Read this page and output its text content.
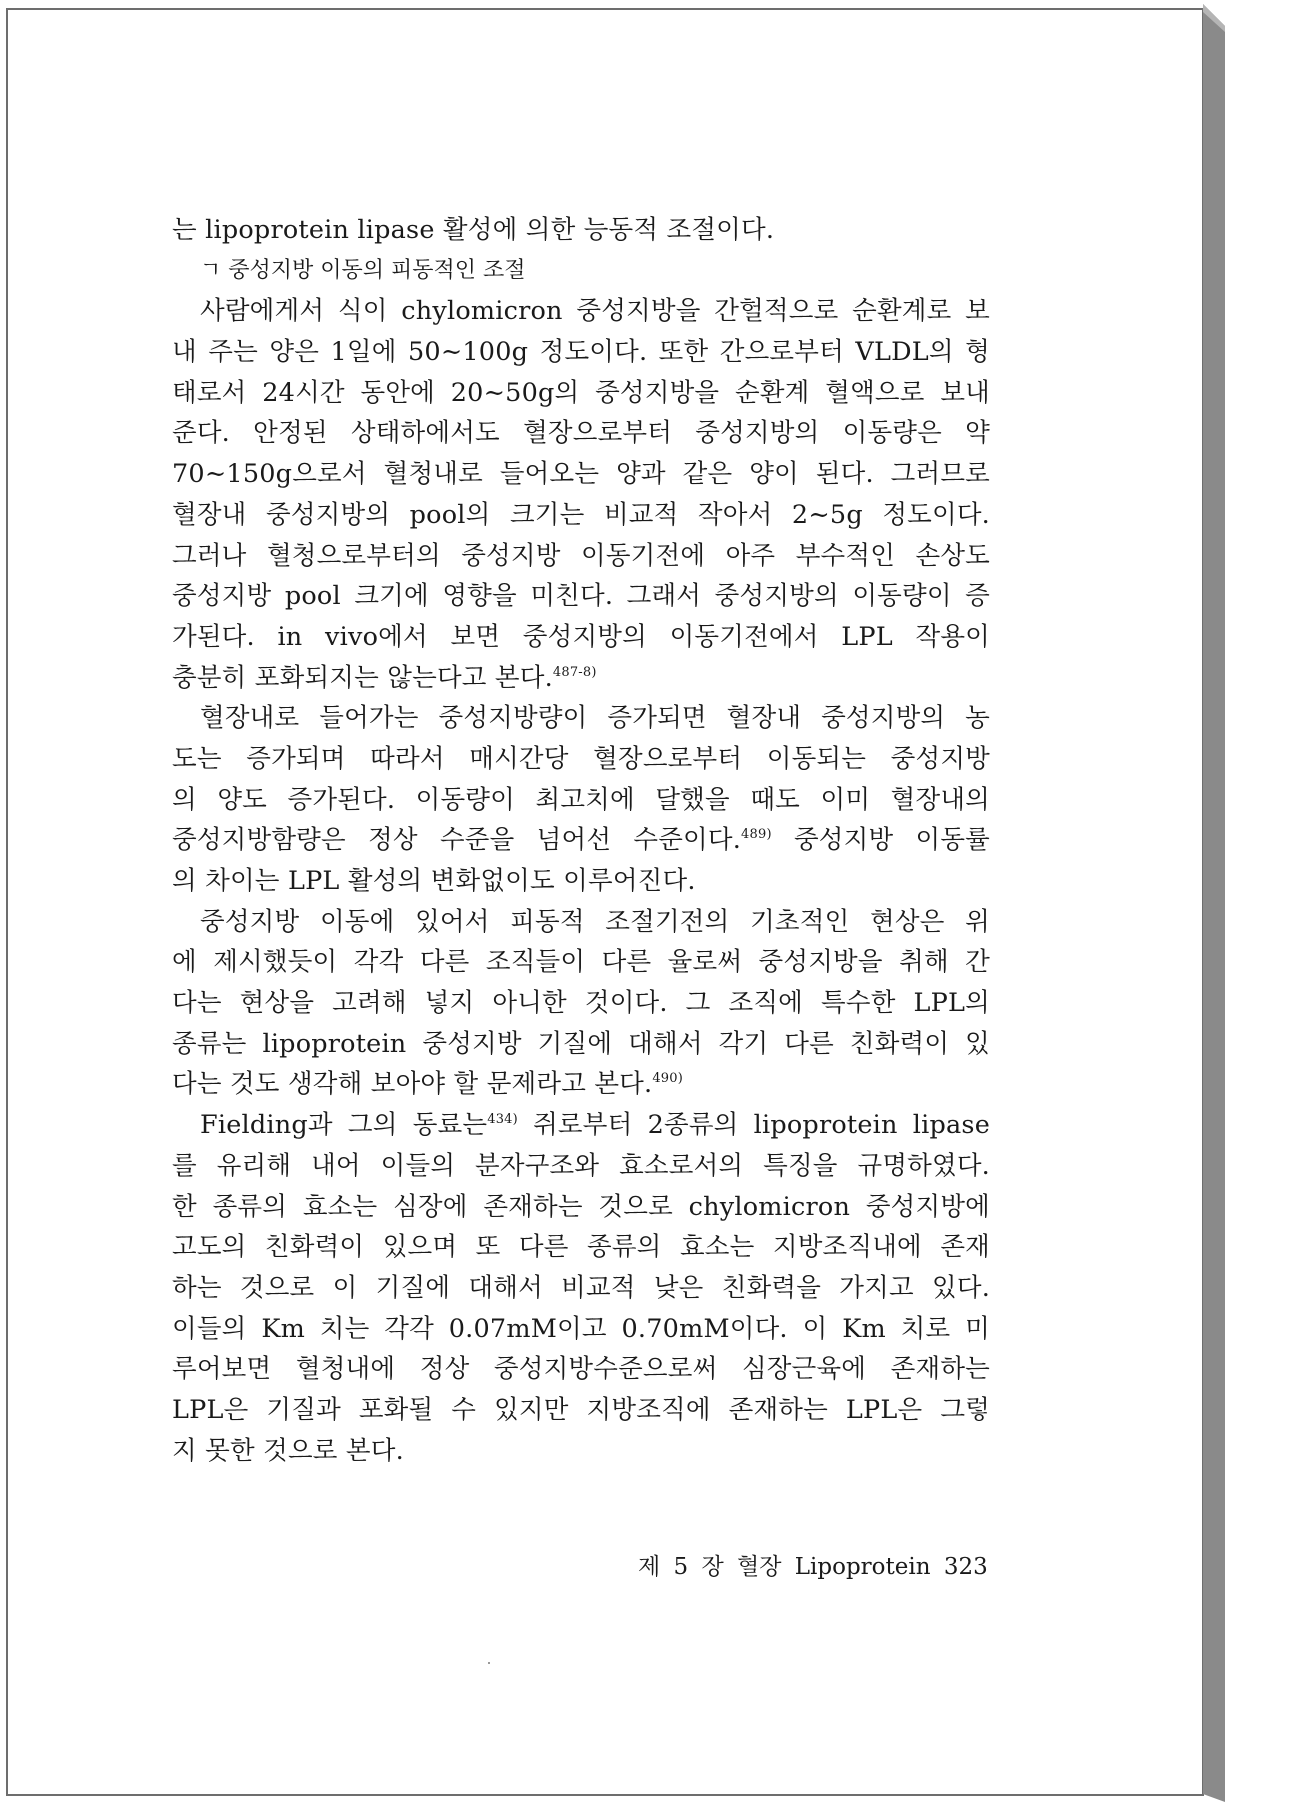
는 lipoprotein lipase 활성에 의한 능동적 조절이다.
ㄱ 중성지방 이동의 피동적인 조절
사람에게서 식이 chylomicron 중성지방을 간헐적으로 순환계로 보
내 주는 양은 1일에 50∼100g 정도이다. 또한 간으로부터 VLDL의 형
태로서 24시간 동안에 20∼50g의 중성지방을 순환계 혈액으로 보내
준다. 안정된 상태하에서도 혈장으로부터 중성지방의 이동량은 약
70∼150g으로서 혈청내로 들어오는 양과 같은 양이 된다. 그러므로
혈장내 중성지방의 pool의 크기는 비교적 작아서 2∼5g 정도이다.
그러나 혈청으로부터의 중성지방 이동기전에 아주 부수적인 손상도
중성지방 pool 크기에 영향을 미친다. 그래서 중성지방의 이동량이 증
가된다. in vivo에서 보면 중성지방의 이동기전에서 LPL 작용이
충분히 포화되지는 않는다고 본다.$^{487-8)}$
혈장내로 들어가는 중성지방량이 증가되면 혈장내 중성지방의 농
도는 증가되며 따라서 매시간당 혈장으로부터 이동되는 중성지방
의 양도 증가된다. 이동량이 최고치에 달했을 때도 이미 혈장내의
중성지방함량은 정상 수준을 넘어선 수준이다.$^{489)}$ 중성지방 이동률
의 차이는 LPL 활성의 변화없이도 이루어진다.
중성지방 이동에 있어서 피동적 조절기전의 기초적인 현상은 위
에 제시했듯이 각각 다른 조직들이 다른 율로써 중성지방을 취해 간
다는 현상을 고려해 넣지 아니한 것이다. 그 조직에 특수한 LPL의
종류는 lipoprotein 중성지방 기질에 대해서 각기 다른 친화력이 있
다는 것도 생각해 보아야 할 문제라고 본다.$^{490)}$
Fielding과 그의 동료는$^{434)}$ 쥐로부터 2종류의 lipoprotein lipase
를 유리해 내어 이들의 분자구조와 효소로서의 특징을 규명하였다.
한 종류의 효소는 심장에 존재하는 것으로 chylomicron 중성지방에
고도의 친화력이 있으며 또 다른 종류의 효소는 지방조직내에 존재
하는 것으로 이 기질에 대해서 비교적 낮은 친화력을 가지고 있다.
이들의 Km 치는 각각 0.07mM이고 0.70mM이다. 이 Km 치로 미
루어보면 혈청내에 정상 중성지방수준으로써 심장근육에 존재하는
LPL은 기질과 포화될 수 있지만 지방조직에 존재하는 LPL은 그렇
지 못한 것으로 본다.
제 5 장 혈장 Lipoprotein 323
